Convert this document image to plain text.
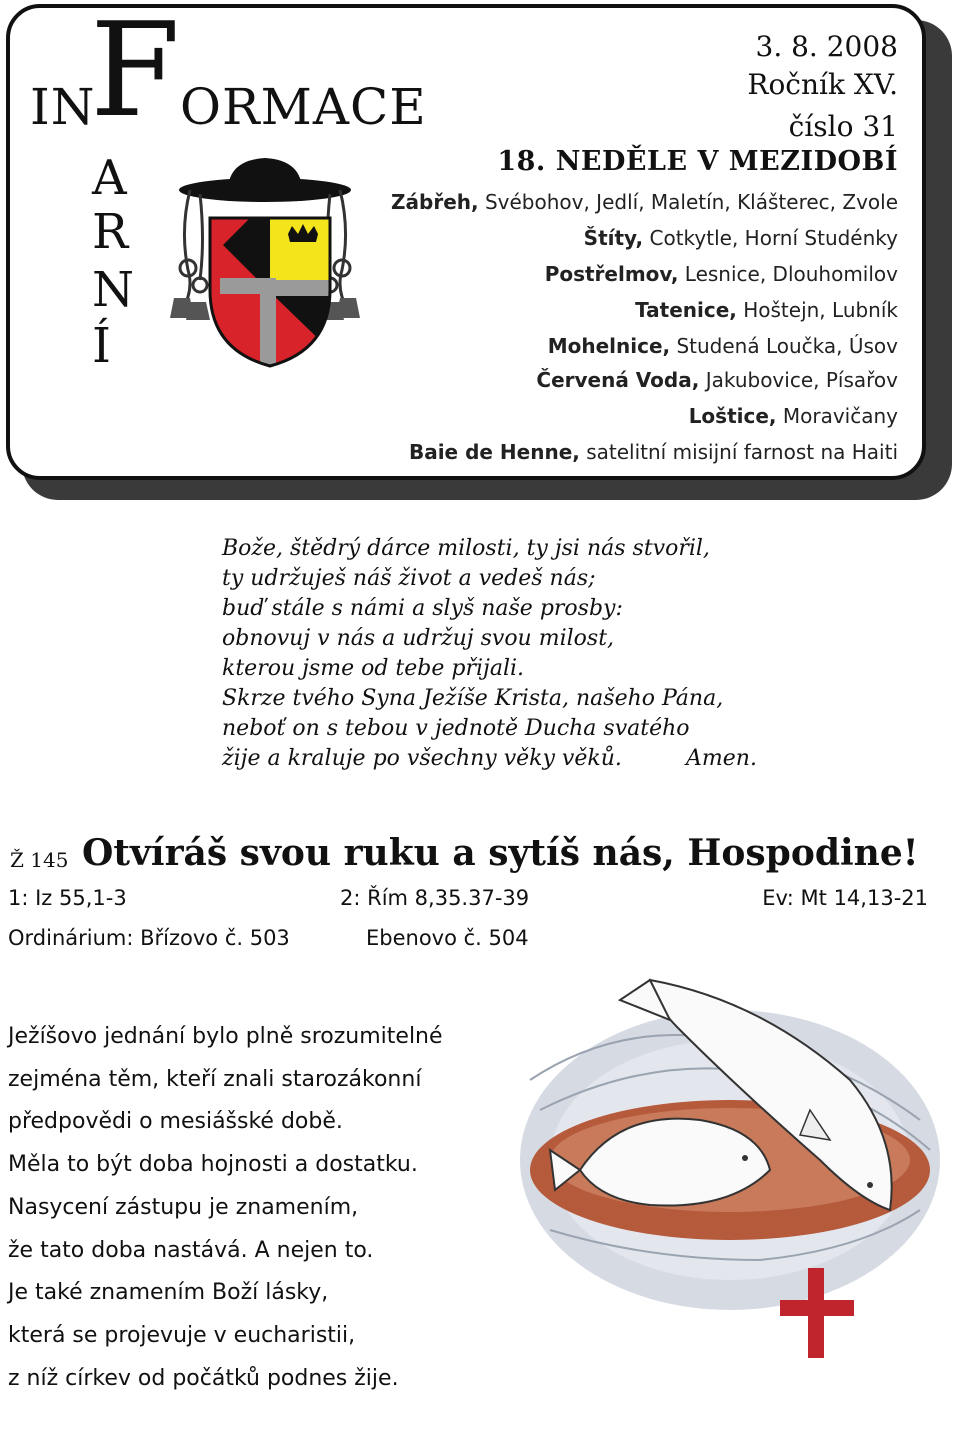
IN
F ORMACE
A
R
N
Í
3. 8. 2008
Ročník XV.
číslo 31
18. NEDĚLE V MEZIDOBÍ
Zábřeh, Svébohov, Jedlí, Maletín, Klášterec, Zvole
Štíty, Cotkytle, Horní Studénky
Postřelmov, Lesnice, Dlouhomilov
Tatenice, Hoštejn, Lubník
Mohelnice, Studená Loučka, Úsov
Červená Voda, Jakubovice, Písařov
Loštice, Moravičany
Baie de Henne, satelitní misijní farnost na Haiti
Bože, štědrý dárce milosti, ty jsi nás stvořil,
ty udržuješ náš život a vedeš nás;
buď stále s námi a slyš naše prosby:
obnovuj v nás a udržuj svou milost,
kterou jsme od tebe přijali.
Skrze tvého Syna Ježíše Krista, našeho Pána,
neboť on s tebou v jednotě Ducha svatého
žije a kraluje po všechny věky věků.	Amen.
Ž 145 Otvíráš svou ruku a sytíš nás, Hospodine!
1: Iz 55,1-3	2: Řím 8,35.37-39	Ev: Mt 14,13-21
Ordinárium: Břízovo č. 503	Ebenovo č. 504
Ježíšovo jednání bylo plně srozumitelné
zejména těm, kteří znali starozákonní
předpovědi o mesiášské době.
Měla to být doba hojnosti a dostatku.
Nasycení zástupu je znamením,
že tato doba nastává. A nejen to.
Je také znamením Boží lásky,
která se projevuje v eucharistii,
z níž církev od počátků podnes žije.
